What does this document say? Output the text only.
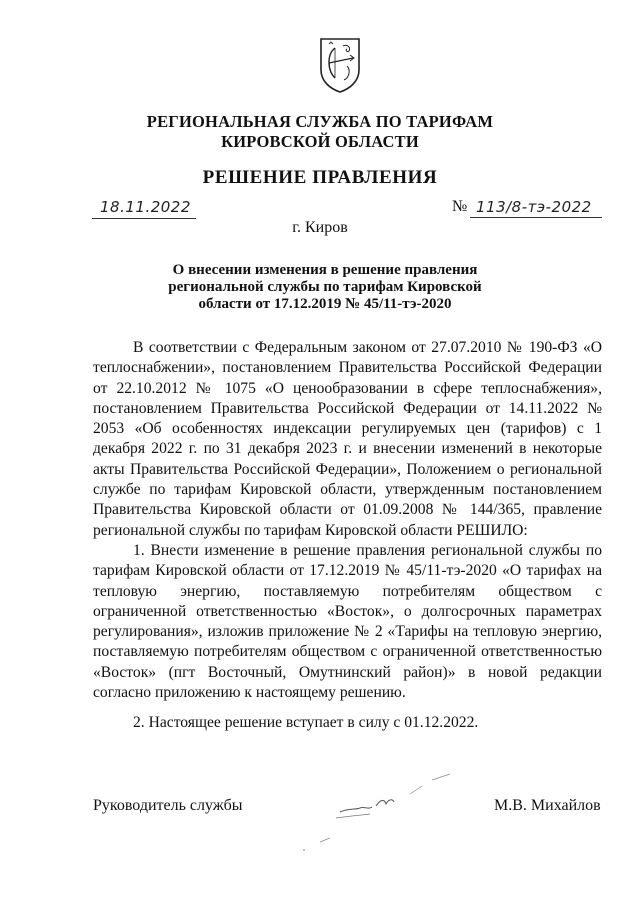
РЕГИОНАЛЬНАЯ СЛУЖБА ПО ТАРИФАМ
КИРОВСКОЙ ОБЛАСТИ
РЕШЕНИЕ ПРАВЛЕНИЯ
18.11.2022	№ 113/8-тэ-2022
г. Киров
О внесении изменения в решение правления
региональной службы по тарифам Кировской
области от 17.12.2019 № 45/11-тэ-2020

В соответствии с Федеральным законом от 27.07.2010 № 190-ФЗ «О теплоснабжении», постановлением Правительства Российской Федерации от 22.10.2012 № 1075 «О ценообразовании в сфере теплоснабжения», постановлением Правительства Российской Федерации от 14.11.2022 № 2053 «Об особенностях индексации регулируемых цен (тарифов) с 1 декабря 2022 г. по 31 декабря 2023 г. и внесении изменений в некоторые акты Правительства Российской Федерации», Положением о региональной службе по тарифам Кировской области, утвержденным постановлением Правительства Кировской области от 01.09.2008 № 144/365, правление региональной службы по тарифам Кировской области РЕШИЛО:

1. Внести изменение в решение правления региональной службы по тарифам Кировской области от 17.12.2019 № 45/11-тэ-2020 «О тарифах на тепловую энергию, поставляемую потребителям обществом с ограниченной ответственностью «Восток», о долгосрочных параметрах регулирования», изложив приложение № 2 «Тарифы на тепловую энергию, поставляемую потребителям обществом с ограниченной ответственностью «Восток» (пгт Восточный, Омутнинский район)» в новой редакции согласно приложению к настоящему решению.

2. Настоящее решение вступает в силу с 01.12.2022.

Руководитель службы	М.В. Михайлов
